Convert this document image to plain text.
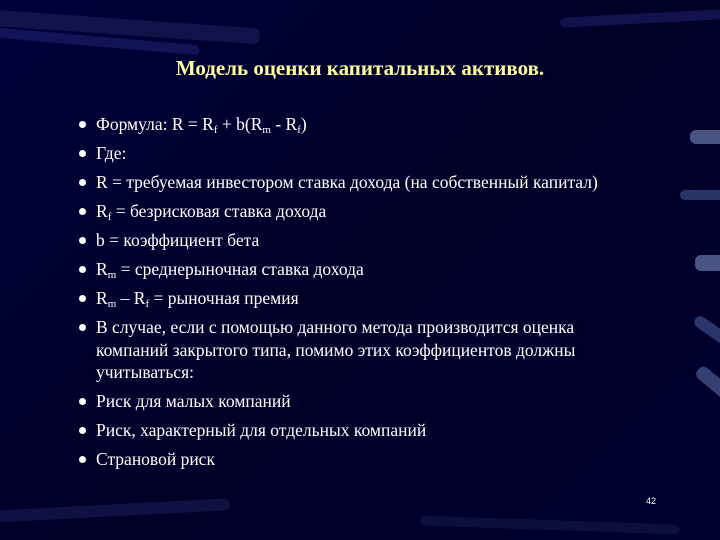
Модель оценки капитальных активов.
Формула: $R = R_f + b(R_m - R_f)$
Где:
R = требуемая инвестором ставка дохода (на собственный капитал)
$R_f$ = безрисковая ставка дохода
b = коэффициент бета
$R_m$ = среднерыночная ставка дохода
$R_m - R_f$ = рыночная премия
В случае, если с помощью данного метода производится оценка компаний закрытого типа, помимо этих коэффициентов должны учитываться:
Риск для малых компаний
Риск, характерный для отдельных компаний
Страновой риск
42
